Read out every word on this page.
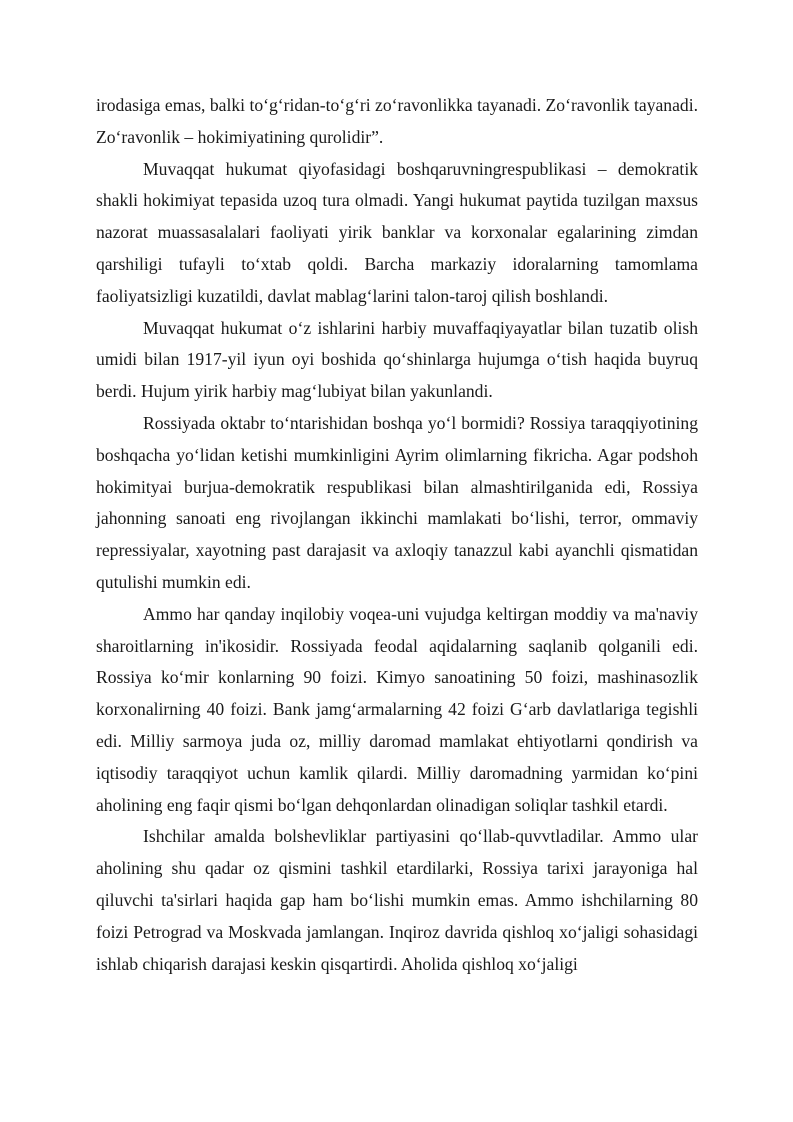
irodasiga emas, balki to‘g‘ridan-to‘g‘ri zo‘ravonlikka tayanadi. Zo‘ravonlik tayanadi. Zo‘ravonlik – hokimiyatining qurolidir”.

Muvaqqat hukumat qiyofasidagi boshqaruvningrespublikasi – demokratik shakli hokimiyat tepasida uzoq tura olmadi. Yangi hukumat paytida tuzilgan maxsus nazorat muassasalalari faoliyati yirik banklar va korxonalar egalarining zimdan qarshiligi tufayli to‘xtab qoldi. Barcha markaziy idoralarning tamomlama faoliyatsizligi kuzatildi, davlat mablag‘larini talon-taroj qilish boshlandi.

Muvaqqat hukumat o‘z ishlarini harbiy muvaffaqiyayatlar bilan tuzatib olish umidi bilan 1917-yil iyun oyi boshida qo‘shinlarga hujumga o‘tish haqida buyruq berdi. Hujum yirik harbiy mag‘lubiyat bilan yakunlandi.

Rossiyada oktabr to‘ntarishidan boshqa yo‘l bormidi? Rossiya taraqqiyotining boshqacha yo‘lidan ketishi mumkinligini Ayrim olimlarning fikricha. Agar podshoh hokimityai burjua-demokratik respublikasi bilan almashtirilganida edi, Rossiya jahonning sanoati eng rivojlangan ikkinchi mamlakati bo‘lishi, terror, ommaviy repressiyalar, xayotning past darajasit va axloqiy tanazzul kabi ayanchli qismatidan qutulishi mumkin edi.

Ammo har qanday inqilobiy voqea-uni vujudga keltirgan moddiy va ma'naviy sharoitlarning in'ikosidir. Rossiyada feodal aqidalarning saqlanib qolganili edi. Rossiya ko‘mir konlarning 90 foizi. Kimyo sanoatining 50 foizi, mashinasozlik korxonalirning 40 foizi. Bank jamg‘armalarning 42 foizi G‘arb davlatlariga tegishli edi. Milliy sarmoya juda oz, milliy daromad mamlakat ehtiyotlarni qondirish va iqtisodiy taraqqiyot uchun kamlik qilardi. Milliy daromadning yarmidan ko‘pini aholining eng faqir qismi bo‘lgan dehqonlardan olinadigan soliqlar tashkil etardi.

Ishchilar amalda bolshevliklar partiyasini qo‘llab-quvvtladilar. Ammo ular aholining shu qadar oz qismini tashkil etardilarki, Rossiya tarixi jarayoniga hal qiluvchi ta'sirlari haqida gap ham bo‘lishi mumkin emas. Ammo ishchilarning 80 foizi Petrograd va Moskvada jamlangan. Inqiroz davrida qishloq xo‘jaligi sohasidagi ishlab chiqarish darajasi keskin qisqartirdi. Aholida qishloq xo‘jaligi
